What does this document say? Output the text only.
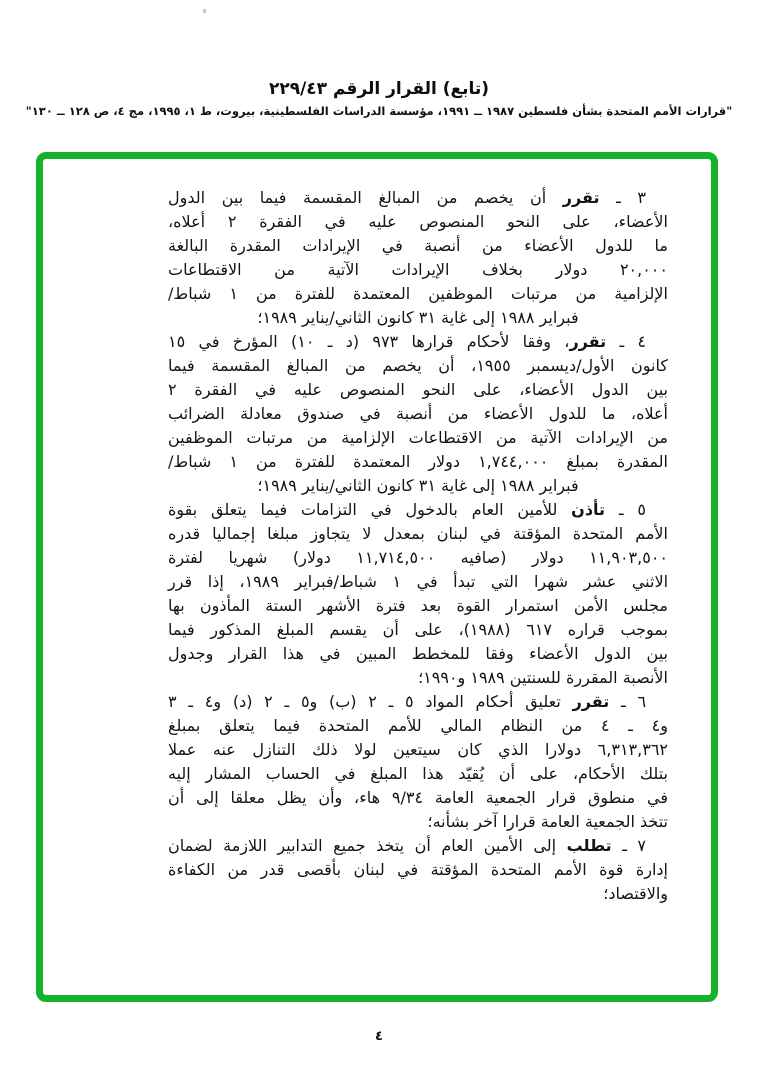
(تابع) القرار الرقم ٢٢٩/٤٣
"قرارات الأمم المتحدة بشأن فلسطين ١٩٨٧ ــ ١٩٩١، مؤسسة الدراسات الفلسطينية، بيروت، ط ١، ١٩٩٥، مج ٤، ص ١٢٨ ــ ١٣٠"
٣ ـ تقرر أن يخصم من المبالغ المقسمة فيما بين الدول
الأعضاء، على النحو المنصوص عليه في الفقرة ٢ أعلاه،
ما للدول الأعضاء من أنصبة في الإيرادات المقدرة البالغة
٢٠,٠٠٠ دولار بخلاف الإيرادات الآتية من الاقتطاعات
الإلزامية من مرتبات الموظفين المعتمدة للفترة من ١ شباط/
فبراير ١٩٨٨ إلى غاية ٣١ كانون الثاني/يناير ١٩٨٩؛
٤ ـ تقرر، وفقا لأحكام قرارها ٩٧٣ (د ـ ١٠) المؤرخ في ١٥
كانون الأول/ديسمبر ١٩٥٥، أن يخصم من المبالغ المقسمة فيما
بين الدول الأعضاء، على النحو المنصوص عليه في الفقرة ٢
أعلاه، ما للدول الأعضاء من أنصبة في صندوق معادلة الضرائب
من الإيرادات الآتية من الاقتطاعات الإلزامية من مرتبات الموظفين
المقدرة بمبلغ ١,٧٤٤,٠٠٠ دولار المعتمدة للفترة من ١ شباط/
فبراير ١٩٨٨ إلى غاية ٣١ كانون الثاني/يناير ١٩٨٩؛
٥ ـ تأذن للأمين العام بالدخول في التزامات فيما يتعلق بقوة
الأمم المتحدة المؤقتة في لبنان بمعدل لا يتجاوز مبلغا إجماليا قدره
١١,٩٠٣,٥٠٠ دولار (صافيه ١١,٧١٤,٥٠٠ دولار) شهريا لفترة
الاثني عشر شهرا التي تبدأ في ١ شباط/فبراير ١٩٨٩، إذا قرر
مجلس الأمن استمرار القوة بعد فترة الأشهر الستة المأذون بها
بموجب قراره ٦١٧ (١٩٨٨)، على أن يقسم المبلغ المذكور فيما
بين الدول الأعضاء وفقا للمخطط المبين في هذا القرار وجدول
الأنصبة المقررة للسنتين ١٩٨٩ و١٩٩٠؛
٦ ـ تقرر تعليق أحكام المواد ٥ ـ ٢ (ب) و٥ ـ ٢ (د) و٤ ـ ٣
و٤ ـ ٤ من النظام المالي للأمم المتحدة فيما يتعلق بمبلغ
٦,٣١٣,٣٦٢ دولارا الذي كان سيتعين لولا ذلك التنازل عنه عملا
بتلك الأحكام، على أن يُقيّد هذا المبلغ في الحساب المشار إليه
في منطوق قرار الجمعية العامة ٩/٣٤ هاء، وأن يظل معلقا إلى أن
تتخذ الجمعية العامة قرارا آخر بشأنه؛
٧ ـ تطلب إلى الأمين العام أن يتخذ جميع التدابير اللازمة لضمان
إدارة قوة الأمم المتحدة المؤقتة في لبنان بأقصى قدر من الكفاءة
والاقتصاد؛
٤
